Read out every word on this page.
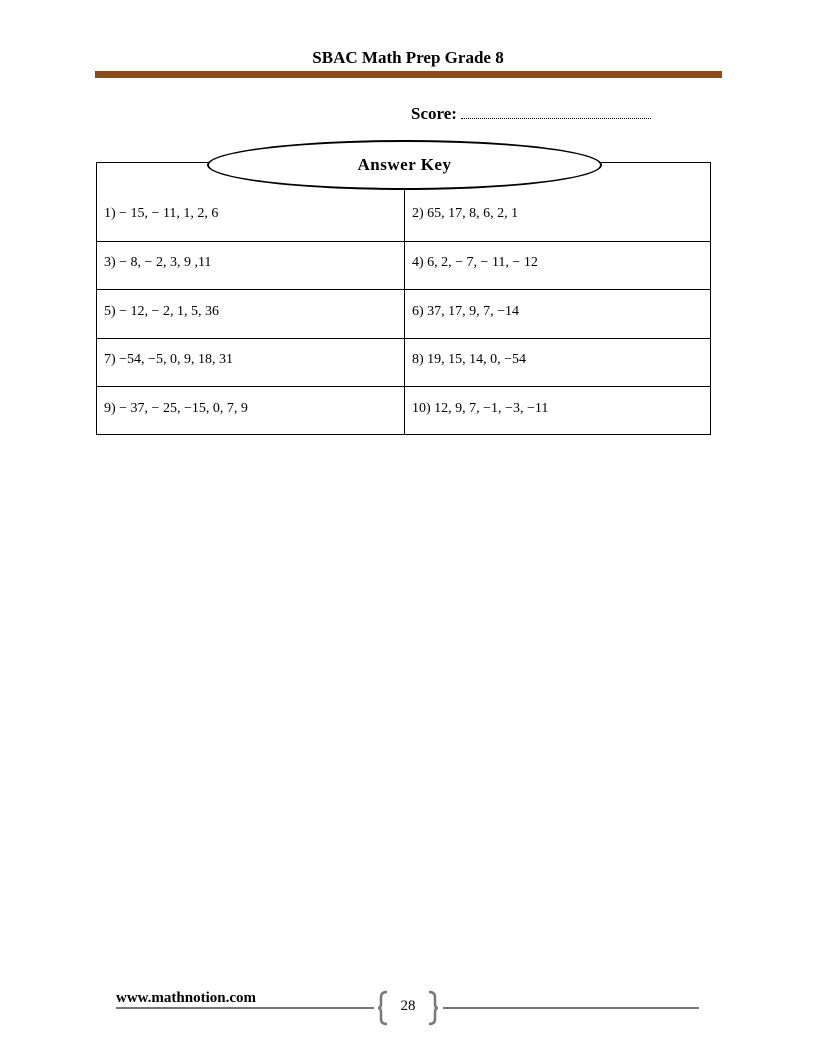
SBAC Math Prep Grade 8
Score:
1) − 15, − 11, 1, 2, 6	2) 65, 17, 8, 6, 2, 1
3) − 8, − 2, 3, 9 ,11	4) 6, 2, − 7, − 11, − 12
5) − 12, − 2, 1, 5, 36	6) 37, 17, 9, 7, −14
7) −54, −5, 0, 9, 18, 31	8) 19, 15, 14, 0, −54
9) − 37, − 25, −15, 0, 7, 9	10) 12, 9, 7, −1, −3, −11
Answer Key
www.mathnotion.com	28
